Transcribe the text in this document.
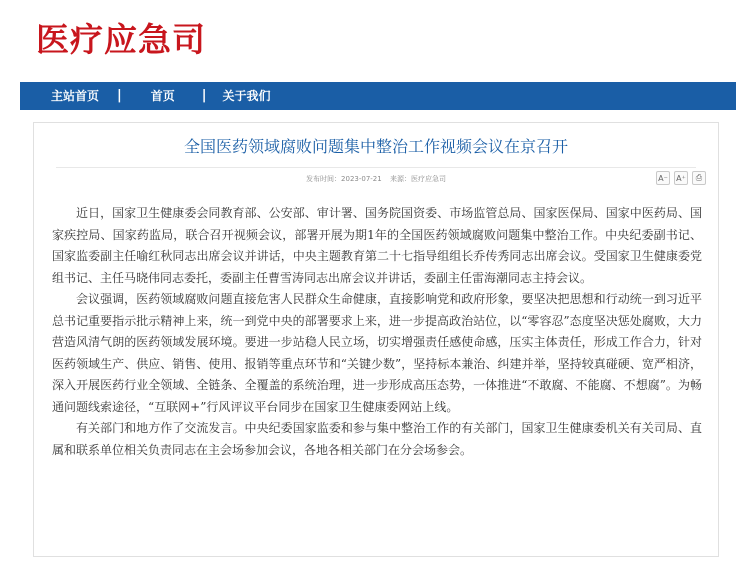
医疗应急司
主站首页 | 首页 | 关于我们
全国医药领域腐败问题集中整治工作视频会议在京召开
发布时间：2023-07-21 来源：医疗应急司	A⁻ A⁺	⎙

近日，国家卫生健康委会同教育部、公安部、审计署、国务院国资委、市场监管总局、国家医保局、国家中医药局、国家疾控局、国家药监局，联合召开视频会议，部署开展为期1年的全国医药领域腐败问题集中整治工作。中央纪委副书记、国家监委副主任喻红秋同志出席会议并讲话，中央主题教育第二十七指导组组长乔传秀同志出席会议。受国家卫生健康委党组书记、主任马晓伟同志委托，委副主任曹雪涛同志出席会议并讲话，委副主任雷海潮同志主持会议。

会议强调，医药领域腐败问题直接危害人民群众生命健康，直接影响党和政府形象，要坚决把思想和行动统一到习近平总书记重要指示批示精神上来，统一到党中央的部署要求上来，进一步提高政治站位，以“零容忍”态度坚决惩处腐败，大力营造风清气朗的医药领域发展环境。要进一步站稳人民立场，切实增强责任感使命感，压实主体责任，形成工作合力，针对医药领域生产、供应、销售、使用、报销等重点环节和“关键少数”，坚持标本兼治、纠建并举，坚持较真碰硬、宽严相济，深入开展医药行业全领域、全链条、全覆盖的系统治理，进一步形成高压态势，一体推进“不敢腐、不能腐、不想腐”。为畅通问题线索途径，“互联网+”行风评议平台同步在国家卫生健康委网站上线。

有关部门和地方作了交流发言。中央纪委国家监委和参与集中整治工作的有关部门，国家卫生健康委机关有关司局、直属和联系单位相关负责同志在主会场参加会议，各地各相关部门在分会场参会。
